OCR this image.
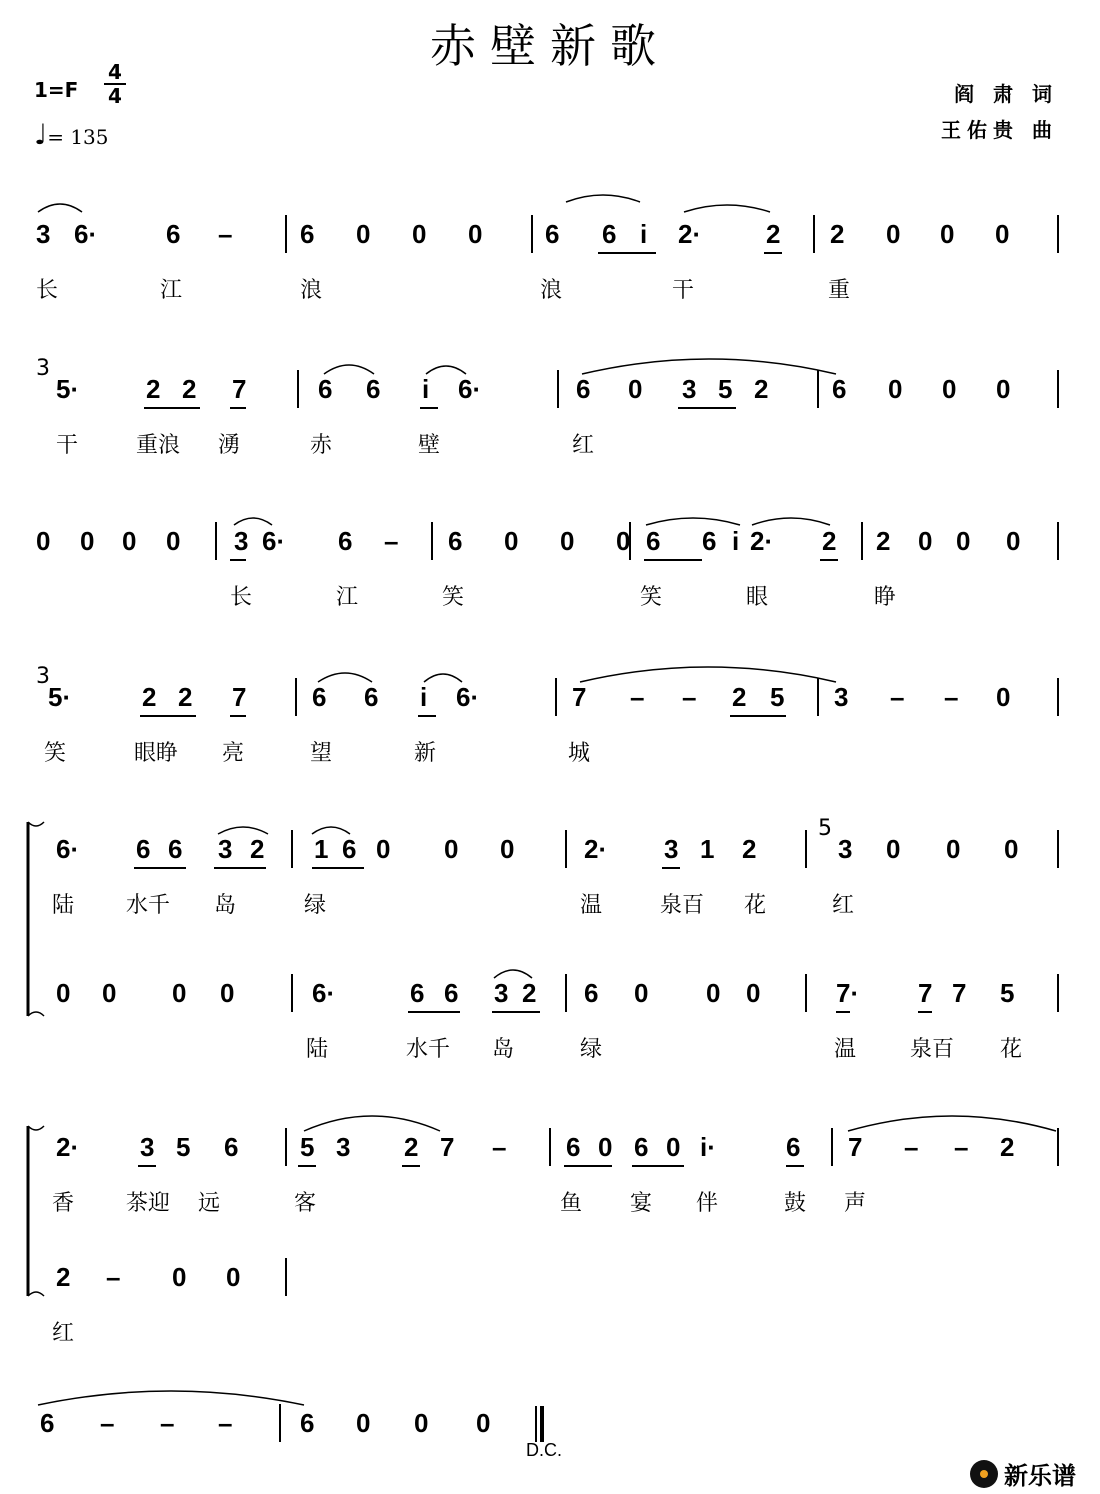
赤壁新歌
1=F
4
4
♩= 135
阎 肃 词
王佑贵 曲
3 6·	6 –	6 0 0 0 6 6 i 2· 2 2 0 0 0
长	江	浪	浪	干	重
5·	2 2 7	6 6 i 6·	6 0 3 5 2 6 0 0 0
干	重浪 湧	赤	壁	红
3
0 0 0 0 3 6· 6 – 6 0 0 0 6 6 i 2· 2 2 0 0 0
长	江	笑	笑	眼	睁
5·	2 2 7	6 6 i 6·	7 – – 2 5 3 – – 0
笑	眼睁 亮	望	新	城
3
6· 6 6 3 2 1 6 0 0 0	2· 3 1 2	3 0 0 0
陆 水千 岛	绿	温	泉百 花	红
5
0 0 0 0	6·	6 6 3 2 6 0 0 0	7· 7 7 5
陆	水千 岛	绿	温 泉百 花
2· 3 5 6 5 3 2 7 – 6 0 6 0 i·	6 7 – – 2
香 茶迎 远	客	鱼 宴 伴	鼓 声
2 – 0 0
红
6 – – –	6 0 0 0
D.C.
新乐谱
